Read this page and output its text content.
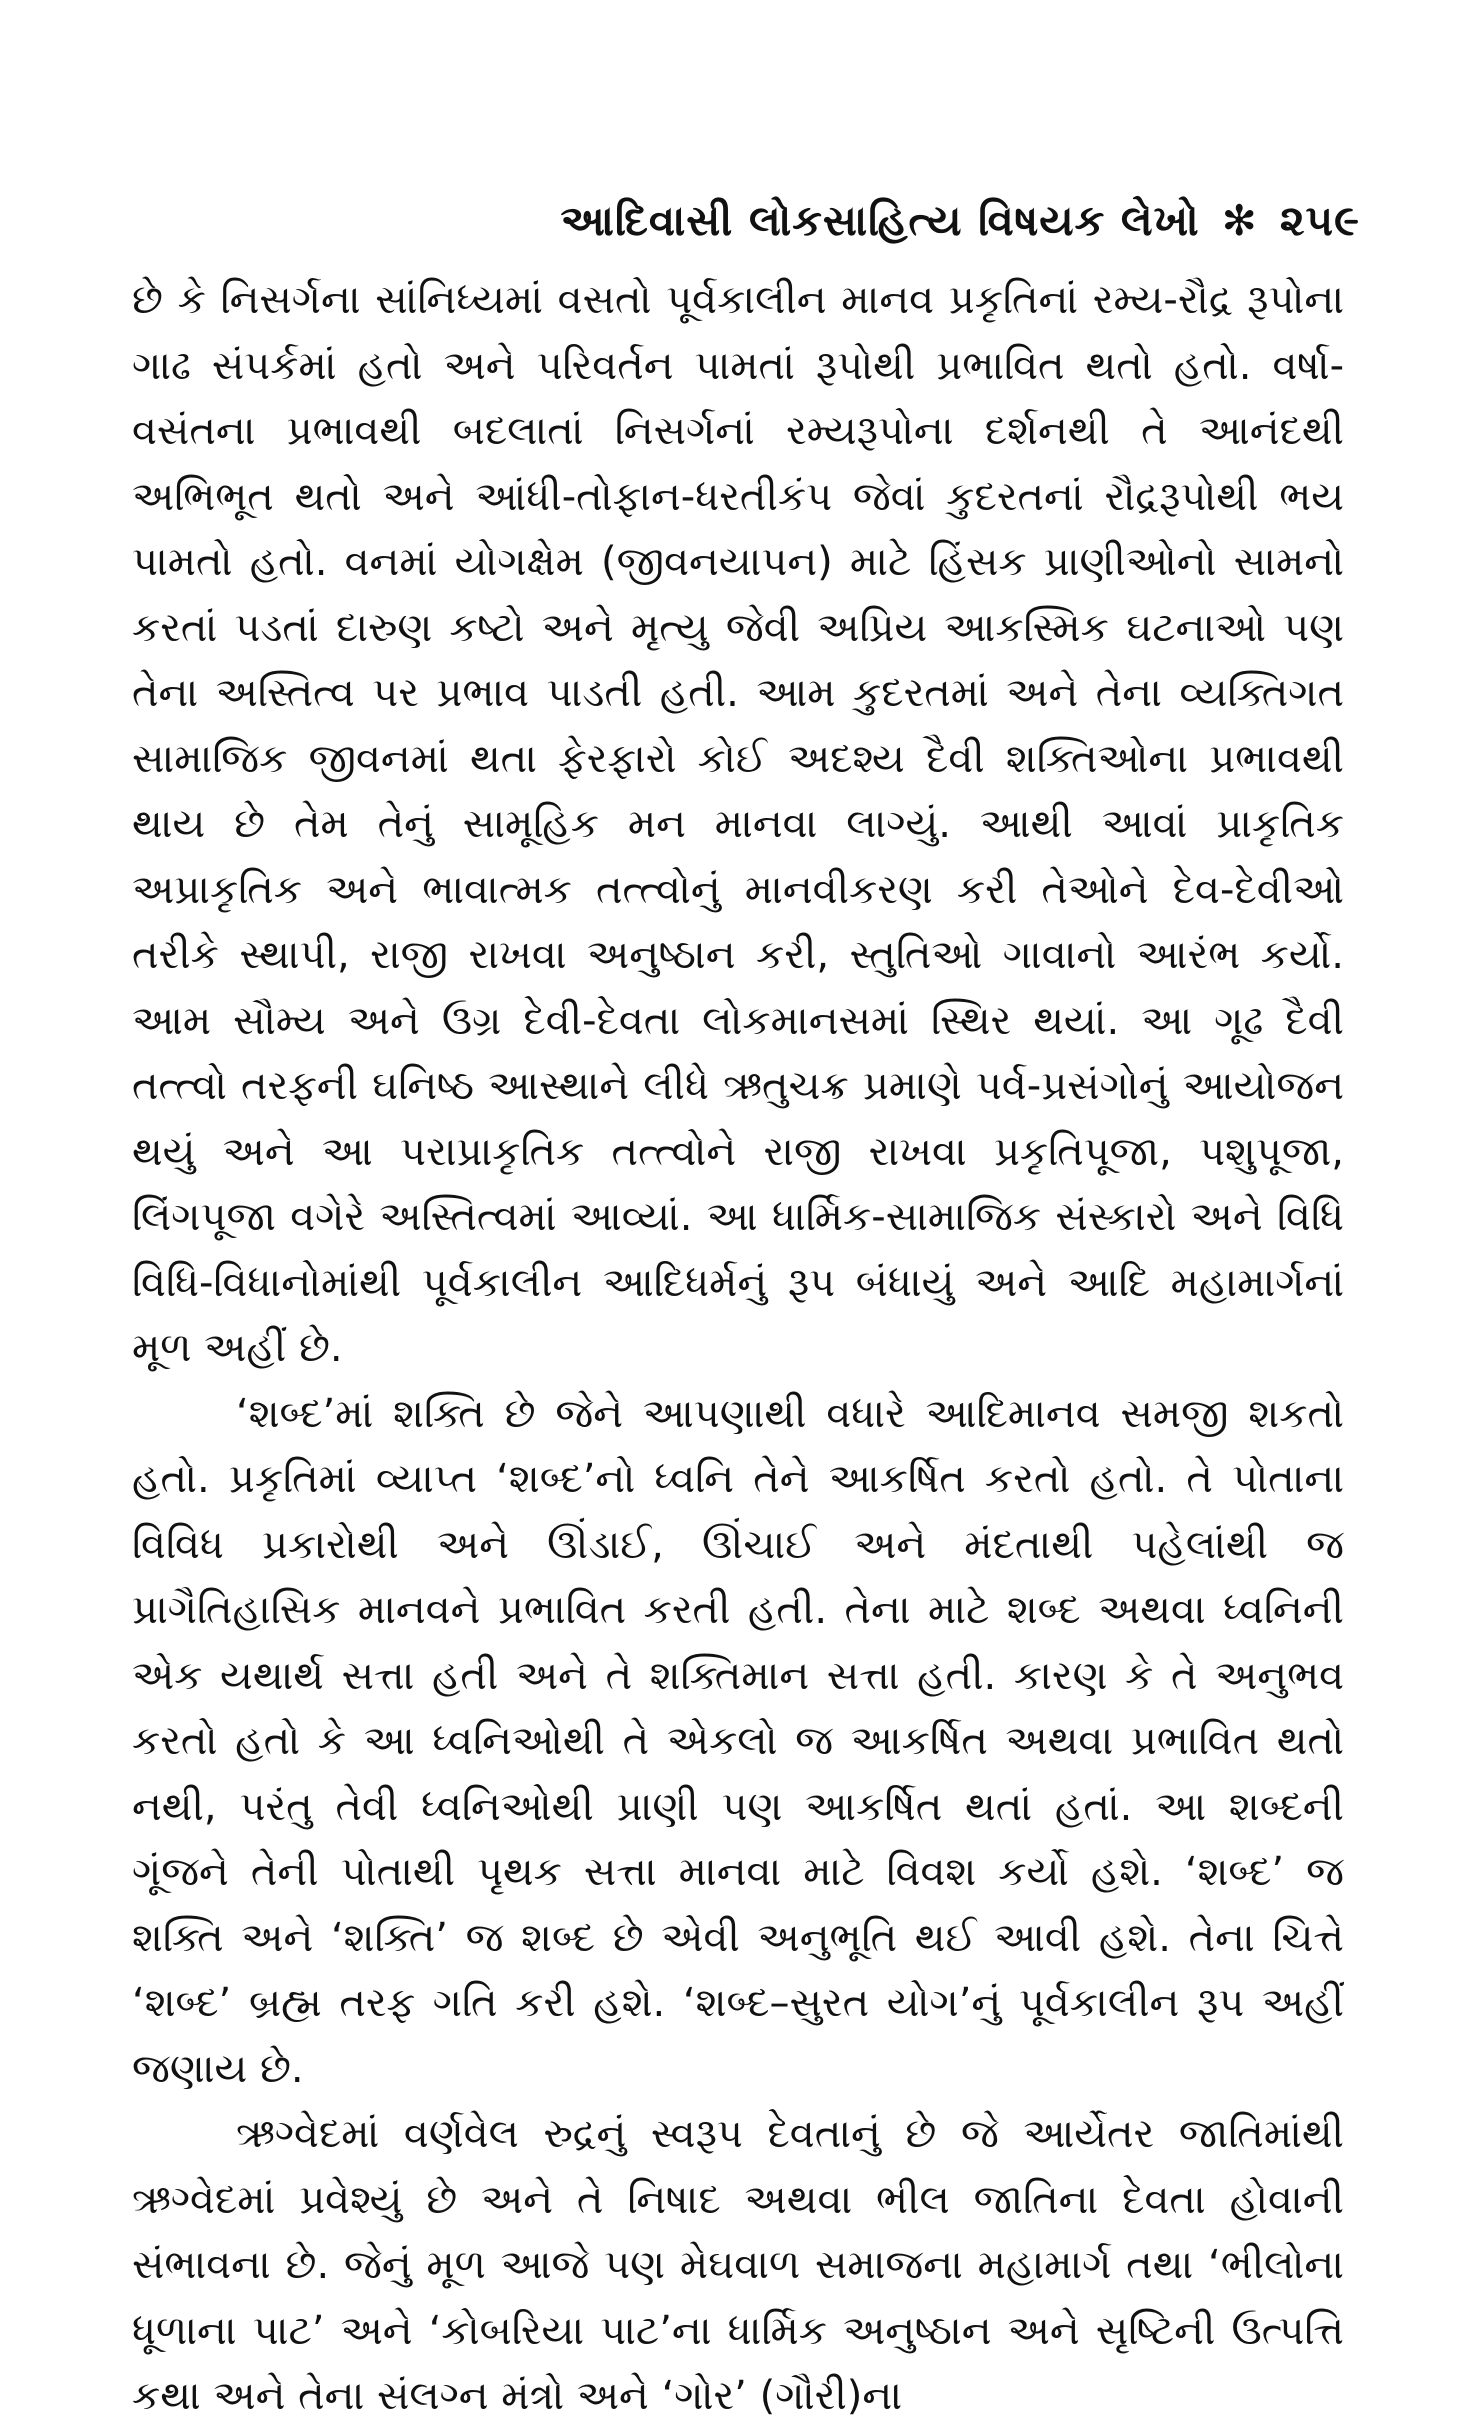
આદિવાસી લોકસાહિત્ય વિષયક લેખો ✻ ૨૫૯

છે કે નિસર્ગના સાંનિધ્યમાં વસતો પૂર્વકાલીન માનવ પ્રકૃતિનાં રમ્ય-રૌદ્ર રૂપોના ગાઢ સંપર્કમાં હતો અને પરિવર્તન પામતાં રૂપોથી પ્રભાવિત થતો હતો. વર્ષા-વસંતના પ્રભાવથી બદલાતાં નિસર્ગનાં રમ્યરૂપોના દર્શનથી તે આનંદથી અભિભૂત થતો અને આંધી-તોફાન-ધરતીકંપ જેવાં કુદરતનાં રૌદ્રરૂપોથી ભય પામતો હતો. વનમાં યોગક્ષેમ (જીવનયાપન) માટે હિંસક પ્રાણીઓનો સામનો કરતાં પડતાં દારુણ કષ્ટો અને મૃત્યુ જેવી અપ્રિય આકસ્મિક ઘટનાઓ પણ તેના અસ્તિત્વ પર પ્રભાવ પાડતી હતી. આમ કુદરતમાં અને તેના વ્યક્તિગત સામાજિક જીવનમાં થતા ફેરફારો કોઈ અદશ્ય દૈવી શક્તિઓના પ્રભાવથી થાય છે તેમ તેનું સામૂહિક મન માનવા લાગ્યું. આથી આવાં પ્રાકૃતિક અપ્રાકૃતિક અને ભાવાત્મક તત્ત્વોનું માનવીકરણ કરી તેઓને દેવ-દેવીઓ તરીકે સ્થાપી, રાજી રાખવા અનુષ્ઠાન કરી, સ્તુતિઓ ગાવાનો આરંભ કર્યો. આમ સૌમ્ય અને ઉગ્ર દેવી-દેવતા લોકમાનસમાં સ્થિર થયાં. આ ગૂઢ દૈવી તત્ત્વો તરફની ઘનિષ્ઠ આસ્થાને લીધે ઋતુચક્ર પ્રમાણે પર્વ-પ્રસંગોનું આયોજન થયું અને આ પરાપ્રાકૃતિક તત્ત્વોને રાજી રાખવા પ્રકૃતિપૂજા, પશુપૂજા, લિંગપૂજા વગેરે અસ્તિત્વમાં આવ્યાં. આ ધાર્મિક-સામાજિક સંસ્કારો અને વિધિ વિધિ-વિધાનોમાંથી પૂર્વકાલીન આદિધર્મનું રૂપ બંધાયું અને આદિ મહામાર્ગનાં મૂળ અહીં છે.

‘શબ્દ’માં શક્તિ છે જેને આપણાથી વધારે આદિમાનવ સમજી શકતો હતો. પ્રકૃતિમાં વ્યાપ્ત ‘શબ્દ’નો ધ્વનિ તેને આકર્ષિત કરતો હતો. તે પોતાના વિવિધ પ્રકારોથી અને ઊંડાઈ, ઊંચાઈ અને મંદતાથી પહેલાંથી જ પ્રાગૈતિહાસિક માનવને પ્રભાવિત કરતી હતી. તેના માટે શબ્દ અથવા ધ્વનિની એક યથાર્થ સત્તા હતી અને તે શક્તિમાન સત્તા હતી. કારણ કે તે અનુભવ કરતો હતો કે આ ધ્વનિઓથી તે એકલો જ આકર્ષિત અથવા પ્રભાવિત થતો નથી, પરંતુ તેવી ધ્વનિઓથી પ્રાણી પણ આકર્ષિત થતાં હતાં. આ શબ્દની ગૂંજને તેની પોતાથી પૃથક સત્તા માનવા માટે વિવશ કર્યો હશે. ‘શબ્દ’ જ શક્તિ અને ‘શક્તિ’ જ શબ્દ છે એવી અનુભૂતિ થઈ આવી હશે. તેના ચિત્તે ‘શબ્દ’ બ્રહ્મ તરફ ગતિ કરી હશે. ‘શબ્દ–સુરત યોગ’નું પૂર્વકાલીન રૂપ અહીં જણાય છે.

ઋગ્વેદમાં વર્ણવેલ રુદ્રનું સ્વરૂપ દેવતાનું છે જે આર્યેતર જાતિમાંથી ઋગ્વેદમાં પ્રવેશ્યું છે અને તે નિષાદ અથવા ભીલ જાતિના દેવતા હોવાની સંભાવના છે. જેનું મૂળ આજે પણ મેઘવાળ સમાજના મહામાર્ગ તથા ‘ભીલોના ધૂળાના પાટ’ અને ‘કોબરિયા પાટ’ના ધાર્મિક અનુષ્ઠાન અને સૃષ્ટિની ઉત્પત્તિ કથા અને તેના સંલગ્ન મંત્રો અને ‘ગોર’ (ગૌરી)ના
